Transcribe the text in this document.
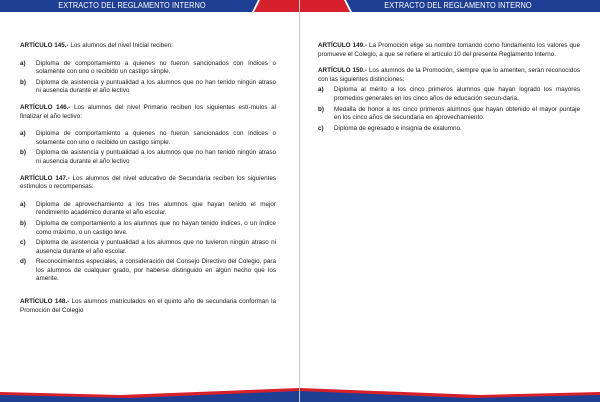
EXTRACTO DEL REGLAMENTO INTERNO

ARTÍCULO 145.- Los alumnos del nivel Inicial reciben:

a)	Diploma de comportamiento a quienes no fueron sancionados con índices o solamente con uno o recibido un castigo simple.
b)	Diploma de asistencia y puntualidad a los alumnos que no han tenido ningún atraso ni ausencia durante el año lectivo

ARTÍCULO 146.- Los alumnos del nivel Primario reciben los siguientes estí-mulos al finalizar el año lectivo:

a)	Diploma de comportamiento a quienes no fueron sancionados con índices o solamente con uno o recibido un castigo simple.
b)	Diploma de asistencia y puntualidad a los alumnos que no han tenido ningún atraso ni ausencia durante el año lectivo

ARTÍCULO 147.- Los alumnos del nivel educativo de Secundaria reciben los siguientes estímulos o recompensas:

a)	Diploma de aprovechamiento a los tres alumnos que hayan tenido el mejor rendimiento académico durante el año escolar.
b)	Diploma de comportamiento a los alumnos que no hayan tenido índices, o un índice como máximo, o un castigo leve.
c)	Diploma de asistencia y puntualidad a los alumnos que no tuvieron ningún atraso ni ausencia durante el año escolar.
d)	Reconocimientos especiales, a consideración del Consejo Directivo del Colegio, para los alumnos de cualquier grado, por haberse distinguido en algún hecho que los amerite.

ARTÍCULO 148.- Los alumnos matriculados en el quinto año de secundaria conforman la Promoción del Colegio

EXTRACTO DEL REGLAMENTO INTERNO

ARTÍCULO 149.- La Promoción elige su nombre tomando como fundamento los valores que promueve el Colegio, a que se refiere el artículo 10 del presente Reglamento Interno.

ARTÍCULO 150.- Los alumnos de la Promoción, siempre que lo ameriten, serán reconocidos con las siguientes distinciones:

a)	Diploma al mérito a los cinco primeros alumnos que hayan logrado los mayores promedios generales en los cinco años de educación secun-daria.
b)	Medalla de honor a los cinco primeros alumnos que hayan obtenido el mayor puntaje en los cinco años de secundaria en aprovechamiento.
c)	Diploma de egresado e insignia de exalumno.
